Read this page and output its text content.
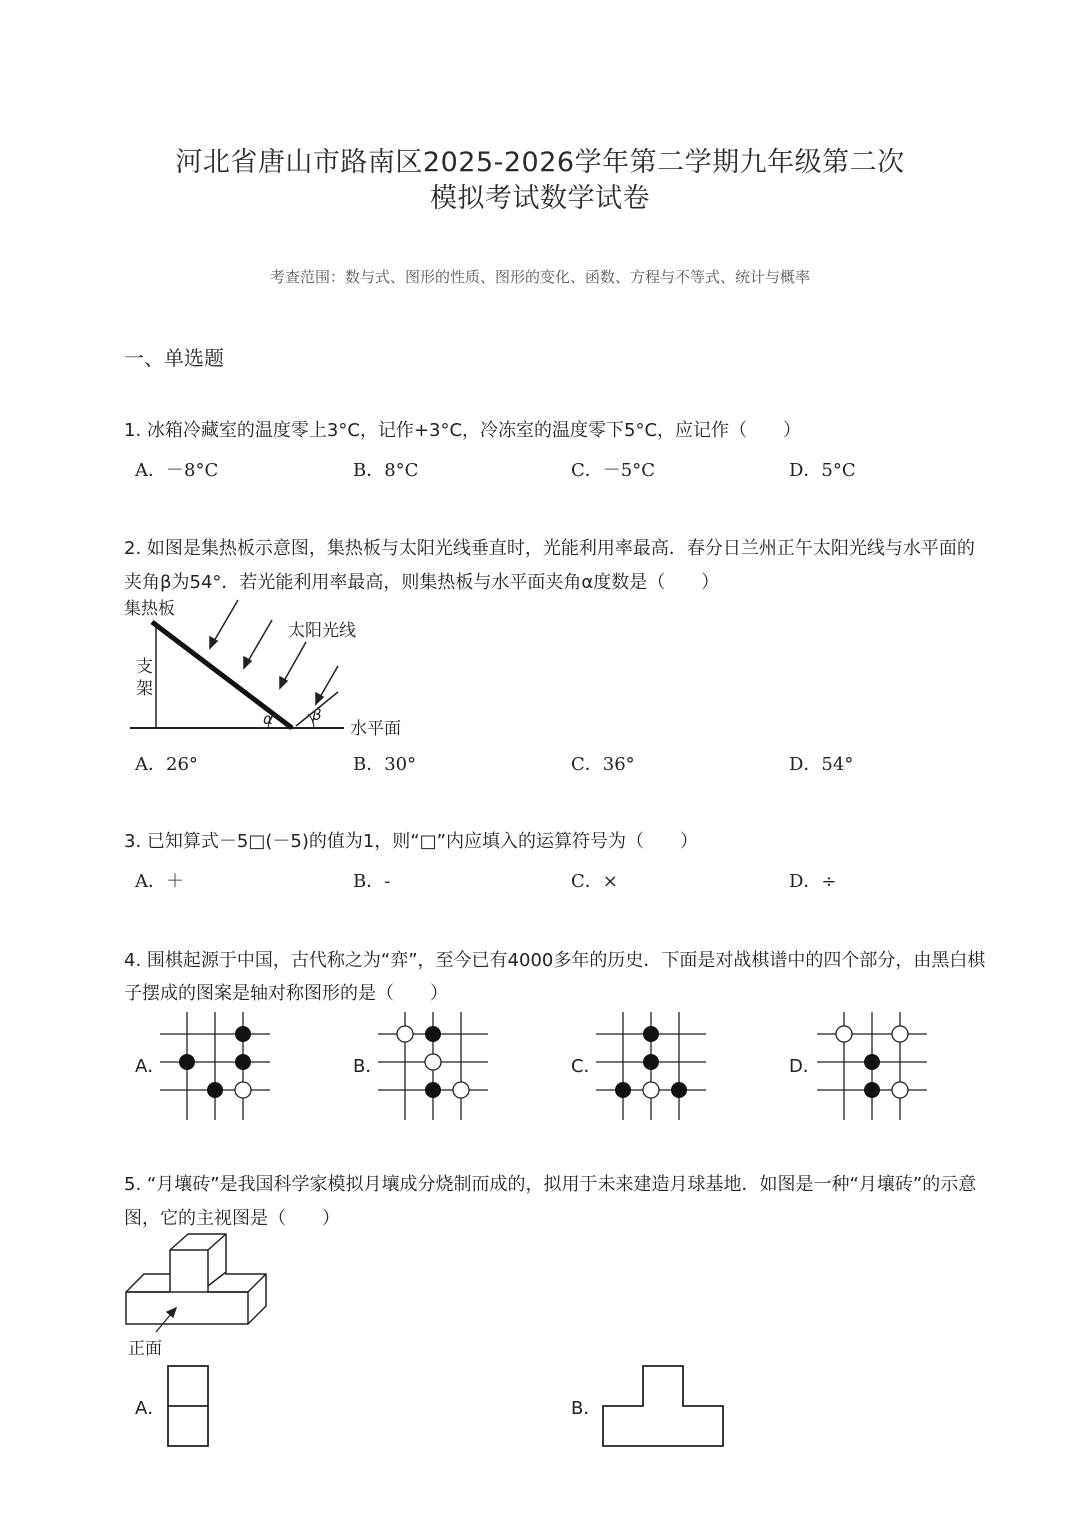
河北省唐山市路南区2025-2026学年第二学期九年级第二次
模拟考试数学试卷
考查范围：数与式、图形的性质、图形的变化、函数、方程与不等式、统计与概率
一、单选题
1. 冰箱冷藏室的温度零上3°C，记作+3°C，冷冻室的温度零下5°C，应记作（　　）
A．－8°C	B．8°C	C．－5°C	D．5°C
2. 如图是集热板示意图，集热板与太阳光线垂直时，光能利用率最高．春分日兰州正午太阳光线与水平面的
夹角β为54°．若光能利用率最高，则集热板与水平面夹角α度数是（　　）
集热板
太阳光线
支
架
水平面
α	β
A．26°	B．30°	C．36°	D．54°
3. 已知算式－5□(－5)的值为1，则“□”内应填入的运算符号为（　　）
A．＋	B．-	C．×	D．÷
4. 围棋起源于中国，古代称之为“弈”，至今已有4000多年的历史．下面是对战棋谱中的四个部分，由黑白棋
子摆成的图案是轴对称图形的是（　　）
A．	B．	C．	D．
5. “月壤砖”是我国科学家模拟月壤成分烧制而成的，拟用于未来建造月球基地．如图是一种“月壤砖”的示意
图，它的主视图是（　　）
正面
A．	B．
